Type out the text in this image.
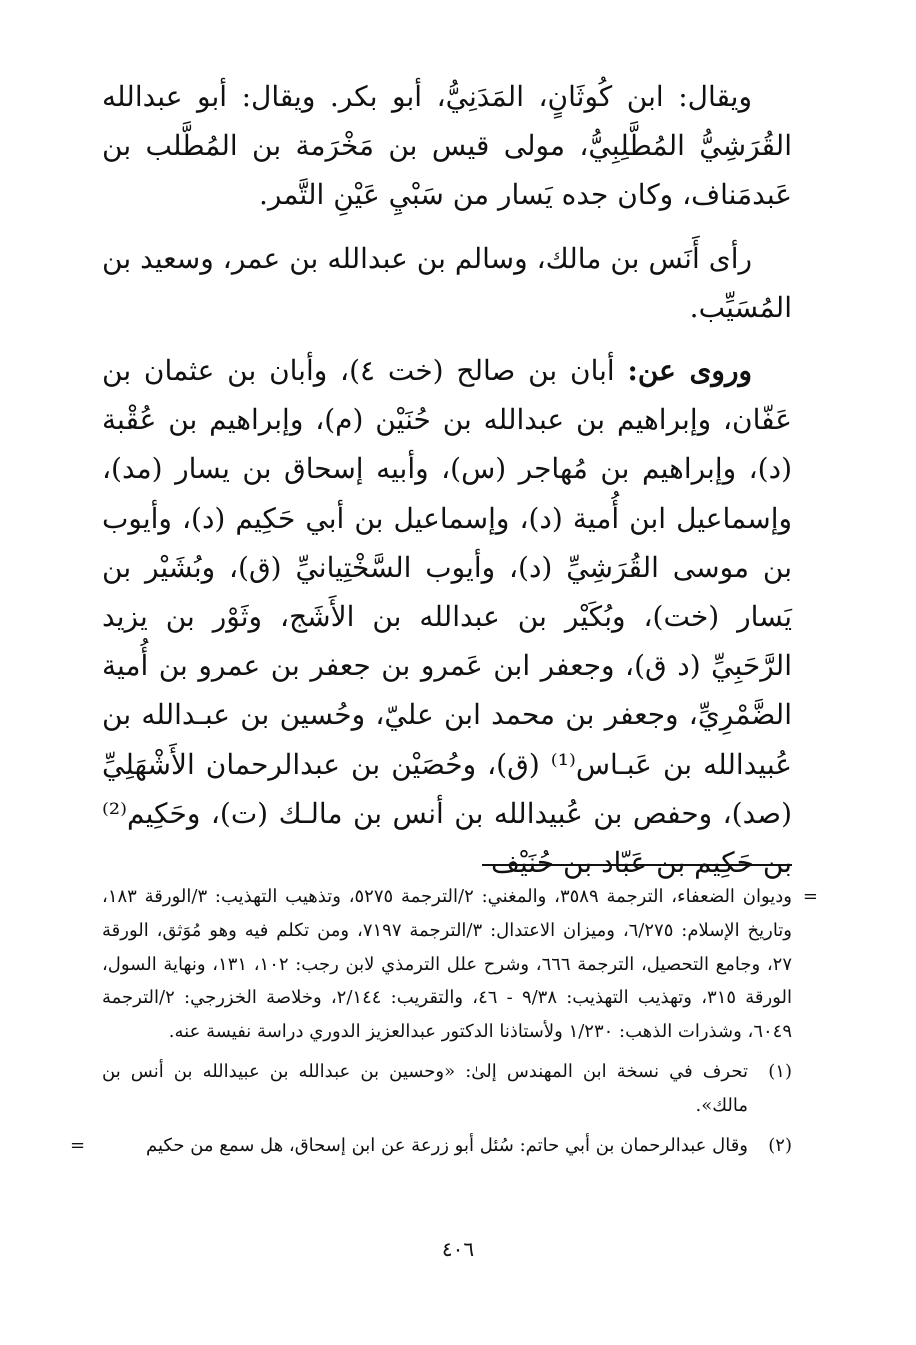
ويقال: ابن كُوثَانٍ، المَدَنِيُّ، أبو بكر. ويقال: أبو عبدالله القُرَشِيُّ المُطَّلِبِيُّ، مولى قيس بن مَخْرَمة بن المُطَّلب بن عَبدمَناف، وكان جده يَسار من سَبْيِ عَيْنِ التَّمر.

رأى أَنَس بن مالك، وسالم بن عبدالله بن عمر، وسعيد بن المُسَيِّب.

وروى عن: أبان بن صالح (خت ٤)، وأبان بن عثمان بن عَفّان، وإبراهيم بن عبدالله بن حُنَيْن (م)، وإبراهيم بن عُقْبة (د)، وإبراهيم بن مُهاجر (س)، وأبيه إسحاق بن يسار (مد)، وإسماعيل ابن أُمية (د)، وإسماعيل بن أبي حَكِيم (د)، وأيوب بن موسى القُرَشِيِّ (د)، وأيوب السَّخْتِيانيِّ (ق)، وبُشَيْر بن يَسار (خت)، وبُكَيْر بن عبدالله بن الأَشَج، وثَوْر بن يزيد الرَّحَبِيِّ (د ق)، وجعفر ابن عَمرو بن جعفر بن عمرو بن أُمية الضَّمْرِيِّ، وجعفر بن محمد ابن عليّ، وحُسين بن عبـدالله بن عُبيدالله بن عَبـاس⁽¹⁾ (ق)، وحُصَيْن بن عبدالرحمان الأَشْهَلِيِّ (صد)، وحفص بن عُبيدالله بن أنس بن مالـك (ت)، وحَكِيم⁽²⁾ بن حَكِيم بن عَبّاد بن حُنَيْف

=
وديوان الضعفاء، الترجمة ٣٥٨٩، والمغني: ٢/الترجمة ٥٢٧٥، وتذهيب التهذيب: ٣/الورقة ١٨٣، وتاريخ الإسلام: ٦/٢٧٥، وميزان الاعتدال: ٣/الترجمة ٧١٩٧، ومن تكلم فيه وهو مُوَثق، الورقة ٢٧، وجامع التحصيل، الترجمة ٦٦٦، وشرح علل الترمذي لابن رجب: ١٠٢، ١٣١، ونهاية السول، الورقة ٣١٥، وتهذيب التهذيب: ٩/٣٨ - ٤٦، والتقريب: ٢/١٤٤، وخلاصة الخزرجي: ٢/الترجمة ٦٠٤٩، وشذرات الذهب: ١/٢٣٠ ولأستاذنا الدكتور عبدالعزيز الدوري دراسة نفيسة عنه.
(١)
تحرف في نسخة ابن المهندس إلىٰ: «وحسين بن عبدالله بن عبيدالله بن أنس بن مالك».
(٢)
وقال عبدالرحمان بن أبي حاتم: سُئل أبو زرعة عن ابن إسحاق، هل سمع من حكيم
=
٤٠٦
